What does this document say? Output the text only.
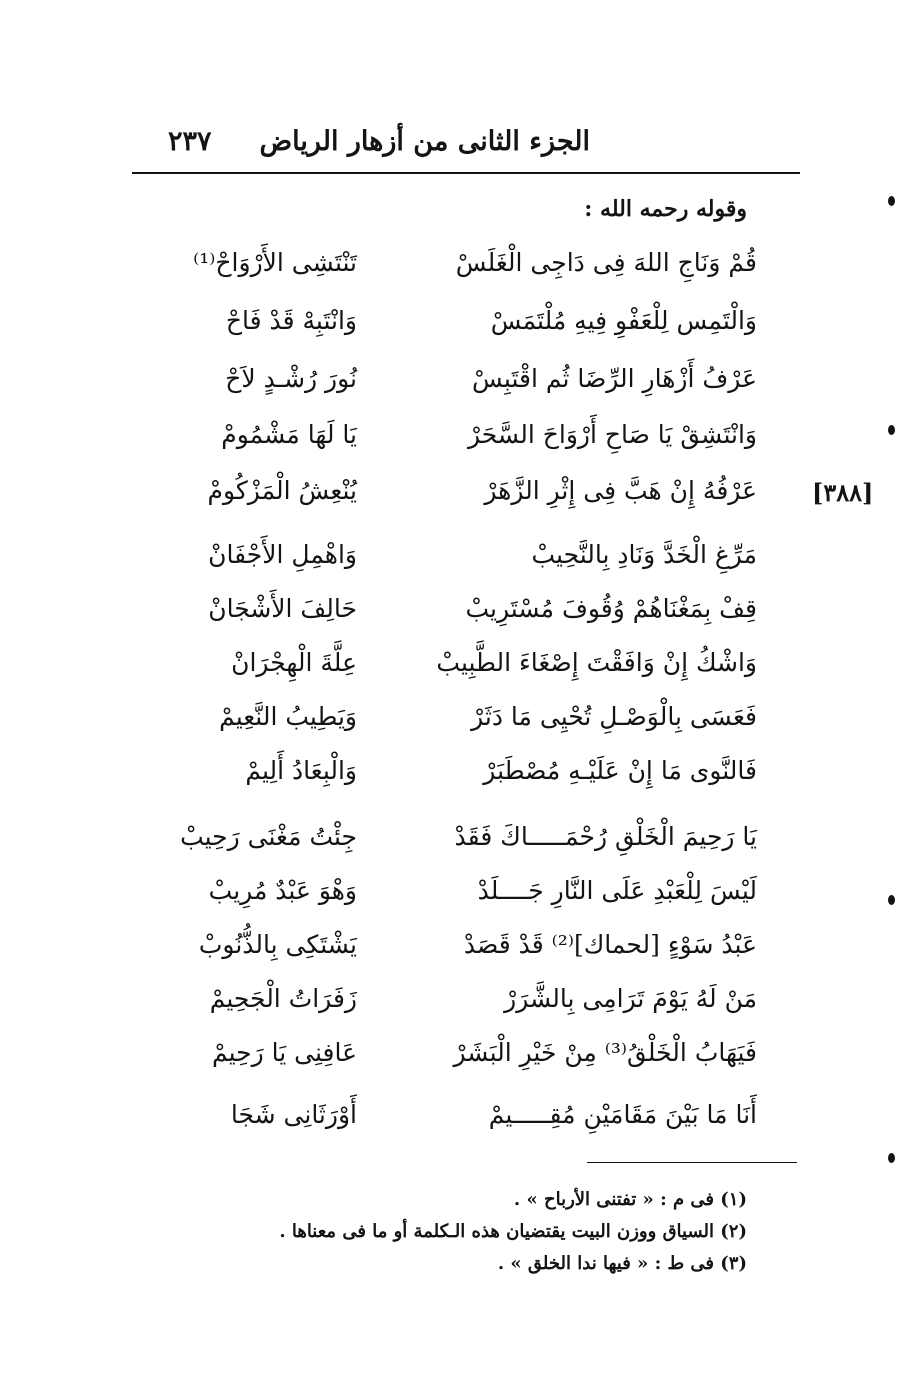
الجزء الثانى من أزهار الرياض
٢٣٧
وقوله رحمه الله :
[٣٨٨]
قُمْ وَنَاجِ اللهَ فِى دَاجِى الْغَلَسْ
تَنْتَشِى الأَرْوَاحْ⁽¹⁾
وَالْتَمِس لِلْعَفْوِ فِيهِ مُلْتَمَسْ
وَانْتَبِهْ قَدْ فَاحْ
عَرْفُ أَزْهَارِ الرِّضَا ثُم اقْتَبِسْ
نُورَ رُشْـدٍ لاَحْ
وَانْتَشِقْ يَا صَاحِ أَرْوَاحَ السَّحَرْ
يَا لَهَا مَشْمُومْ
عَرْفُهُ إِنْ هَبَّ فِى إِثْرِ الزَّهَرْ
يُنْعِشُ الْمَزْكُومْ
مَرِّغِ الْخَدَّ وَنَادِ بِالنَّحِيبْ
وَاهْمِلِ الأَجْفَانْ
قِفْ بِمَغْنَاهُمْ وُقُوفَ مُسْتَرِيبْ
حَالِفَ الأَشْجَانْ
وَاشْكُ إِنْ وَافَقْتَ إِصْغَاءَ الطَّبِيبْ
عِلَّةَ الْهِجْرَانْ
فَعَسَى بِالْوَصْـلِ تُحْيِى مَا دَثَرْ
وَيَطِيبُ النَّعِيمْ
فَالنَّوى مَا إِنْ عَلَيْـهِ مُصْطَبَرْ
وَالْبِعَادُ أَلِيمْ
يَا رَحِيمَ الْخَلْقِ رُحْمَـــــاكَ فَقَدْ
جِئْتُ مَغْنَى رَحِيبْ
لَيْسَ لِلْعَبْدِ عَلَى النَّارِ جَــــلَدْ
وَهْوَ عَبْدٌ مُرِيبْ
عَبْدُ سَوْءٍ [لحماك]⁽²⁾ قَدْ قَصَدْ
يَشْتَكِى بِالذُّنُوبْ
مَنْ لَهُ يَوْمَ تَرَامِى بِالشَّرَرْ
زَفَرَاتُ الْجَحِيمْ
فَيَهَابُ الْخَلْقُ⁽³⁾ مِنْ خَيْرِ الْبَشَرْ
عَافِنِى يَا رَحِيمْ
أَنَا مَا بَيْنَ مَقَامَيْنِ مُقِـــــيمْ
أَوْرَثَانِى شَجَا
(١) فى م : « تفتنى الأرباح » .
(٢) السياق ووزن البيت يقتضيان هذه الـكلمة أو ما فى معناها .
(٣) فى ط : « فيها ندا الخلق » .
